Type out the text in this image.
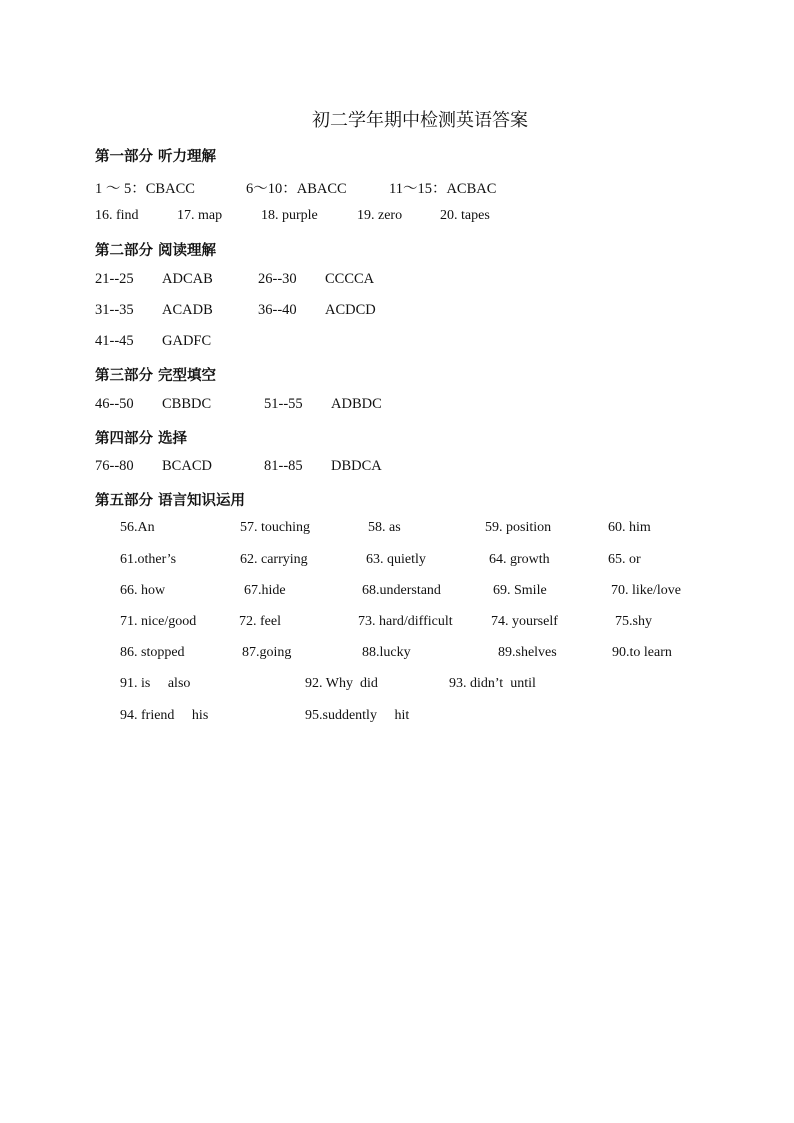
初二学年期中检测英语答案
第一部分 听力理解
1 ～ 5：CBACC	6～10：ABACC	11～15：ACBAC
16. find	17. map	18. purple	19. zero	20. tapes
第二部分 阅读理解
21--25 ADCAB	26--30 CCCCA
31--35 ACADB	36--40 ACDCD
41--45 GADFC
第三部分 完型填空
46--50 CBBDC	51--55 ADBDC
第四部分 选择
76--80 BCACD	81--85 DBDCA
第五部分 语言知识运用
56.An	57. touching	58. as	59. position	60. him
61.other’s	62. carrying	63. quietly	64. growth	65. or
66. how	67.hide	68.understand	69. Smile	70. like/love
71. nice/good	72. feel	73. hard/difficult	74. yourself	75.shy
86. stopped	87.going	88.lucky	89.shelves	90.to learn
91. is     also	92. Why  did	93. didn’t  until
94. friend     his	95.suddently     hit
